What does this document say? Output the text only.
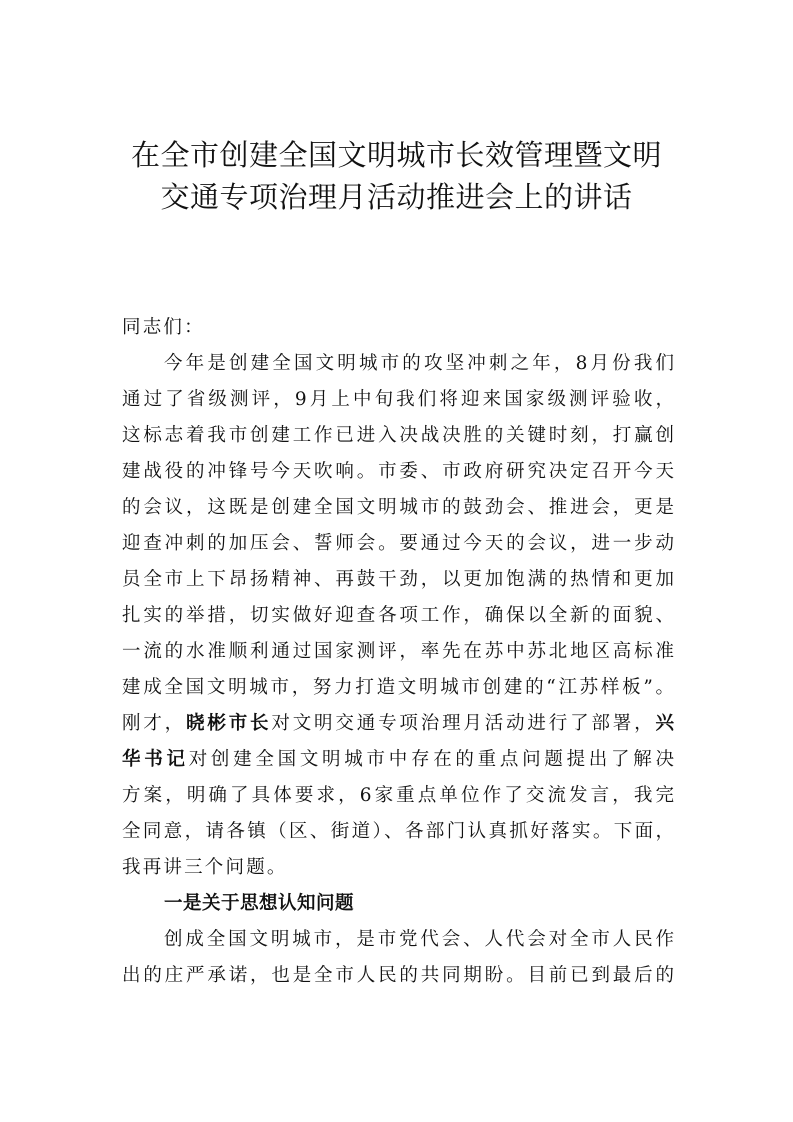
在全市创建全国文明城市长效管理暨文明
交通专项治理月活动推进会上的讲话
同志们：
今年是创建全国文明城市的攻坚冲刺之年，8月份我们
通过了省级测评，9月上中旬我们将迎来国家级测评验收，
这标志着我市创建工作已进入决战决胜的关键时刻，打赢创
建战役的冲锋号今天吹响。市委、市政府研究决定召开今天
的会议，这既是创建全国文明城市的鼓劲会、推进会，更是
迎查冲刺的加压会、誓师会。要通过今天的会议，进一步动
员全市上下昂扬精神、再鼓干劲，以更加饱满的热情和更加
扎实的举措，切实做好迎查各项工作，确保以全新的面貌、
一流的水准顺利通过国家测评，率先在苏中苏北地区高标准
建成全国文明城市，努力打造文明城市创建的“江苏样板”。
刚才，晓彬市长对文明交通专项治理月活动进行了部署，兴
华书记对创建全国文明城市中存在的重点问题提出了解决
方案，明确了具体要求，6家重点单位作了交流发言，我完
全同意，请各镇（区、街道）、各部门认真抓好落实。下面，
我再讲三个问题。
一是关于思想认知问题
创成全国文明城市，是市党代会、人代会对全市人民作
出的庄严承诺，也是全市人民的共同期盼。目前已到最后的
